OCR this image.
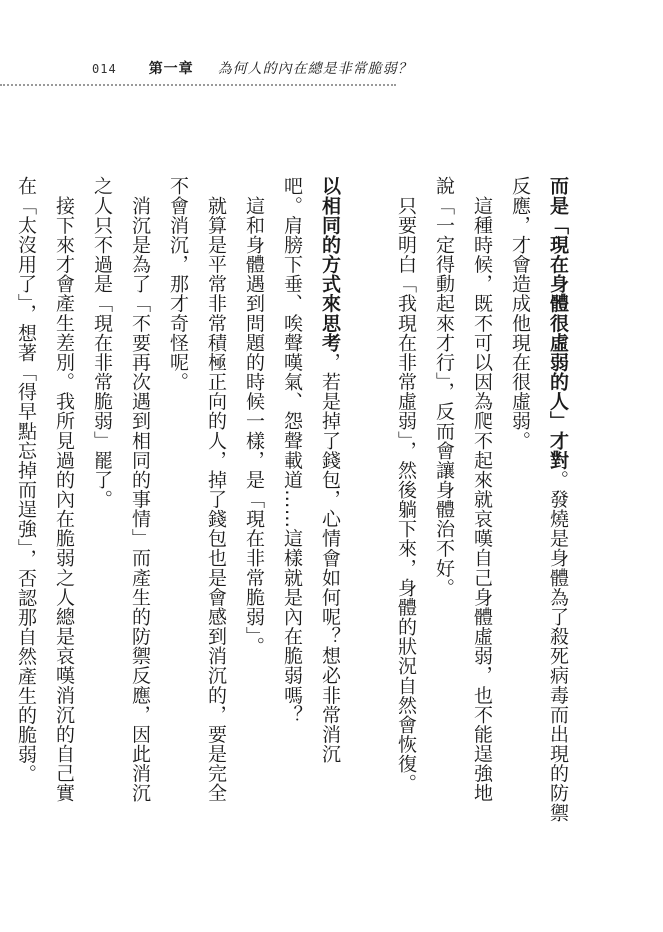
014 第一章 為何人的內在總是非常脆弱？
而是「現在身體很虛弱的人」才對。發燒是身體為了殺死病毒而出現的防禦
反應，才會造成他現在很虛弱。
　這種時候，既不可以因為爬不起來就哀嘆自己身體虛弱，也不能逞強地
說「一定得動起來才行」，反而會讓身體治不好。
　只要明白「我現在非常虛弱」，然後躺下來，身體的狀況自然會恢復。
以相同的方式來思考，若是掉了錢包，心情會如何呢？想必非常消沉
吧。肩膀下垂、唉聲嘆氣、怨聲載道……這樣就是內在脆弱嗎？
　這和身體遇到問題的時候一樣，是「現在非常脆弱」。
　就算是平常非常積極正向的人，掉了錢包也是會感到消沉的，要是完全
不會消沉，那才奇怪呢。
　消沉是為了「不要再次遇到相同的事情」而產生的防禦反應，因此消沉
之人只不過是「現在非常脆弱」罷了。
　接下來才會產生差別。我所見過的內在脆弱之人總是哀嘆消沉的自己實
在「太沒用了」，想著「得早點忘掉而逞強」，否認那自然產生的脆弱。
